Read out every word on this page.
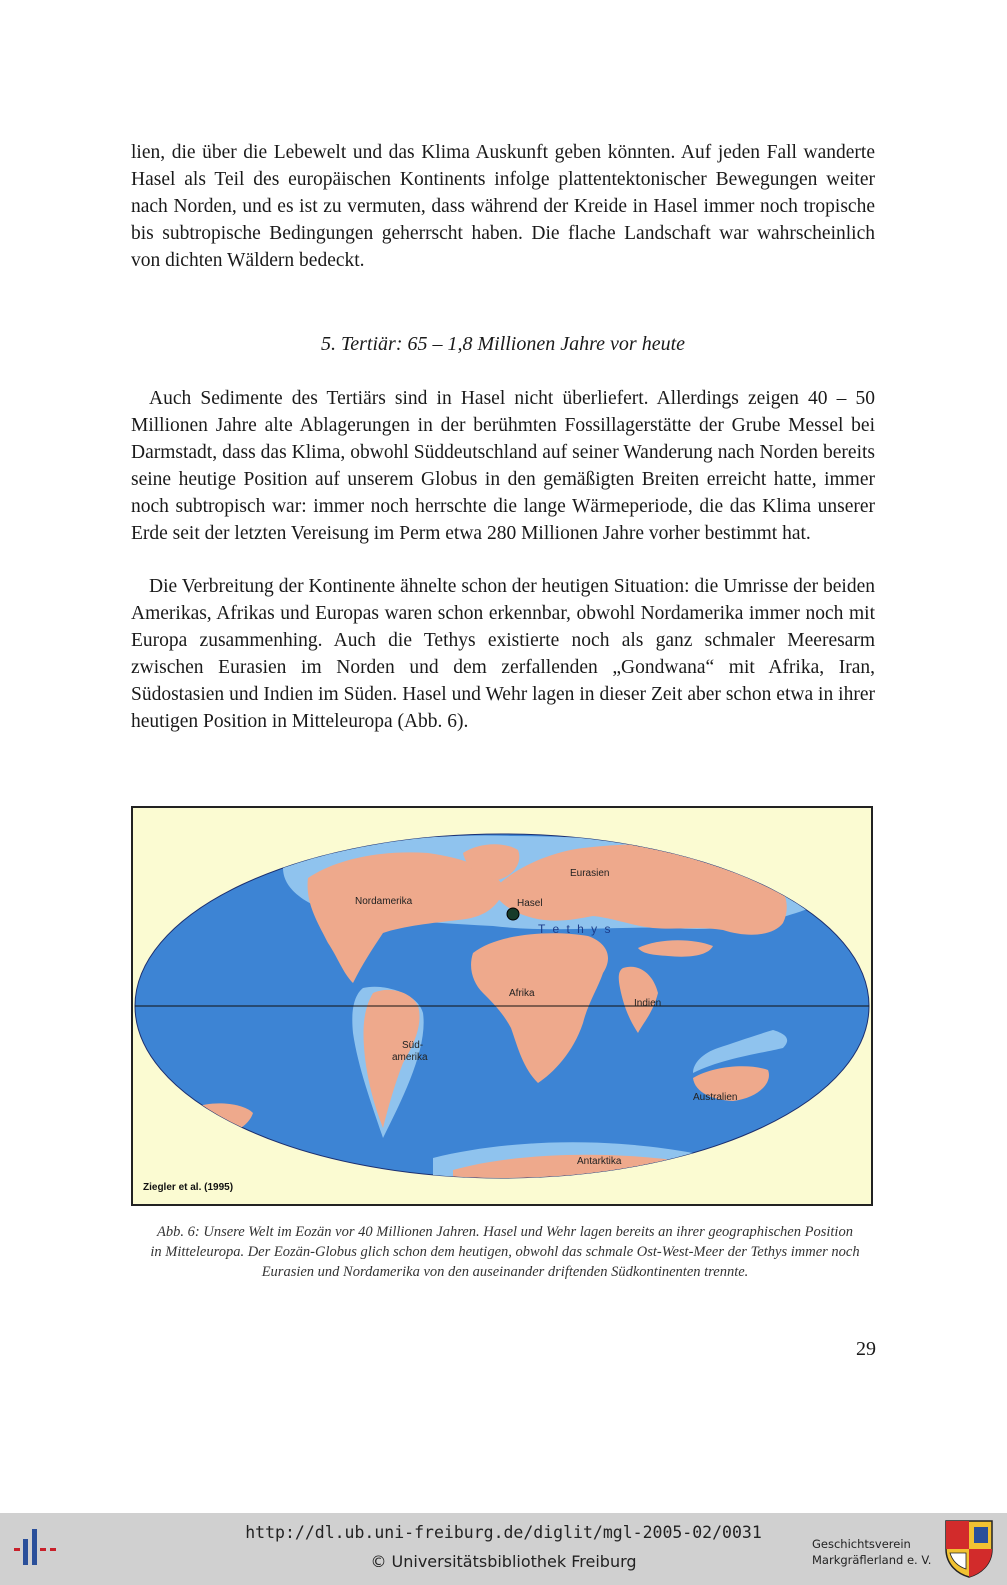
lien, die über die Lebewelt und das Klima Auskunft geben könnten. Auf jeden Fall wanderte Hasel als Teil des europäischen Kontinents infolge plattentektonischer Bewegungen weiter nach Norden, und es ist zu vermuten, dass während der Kreide in Hasel immer noch tropische bis subtropische Bedingungen geherrscht haben. Die flache Landschaft war wahrscheinlich von dichten Wäldern bedeckt.
5. Tertiär: 65 – 1,8 Millionen Jahre vor heute
Auch Sedimente des Tertiärs sind in Hasel nicht überliefert. Allerdings zeigen 40 – 50 Millionen Jahre alte Ablagerungen in der berühmten Fossillagerstätte der Grube Messel bei Darmstadt, dass das Klima, obwohl Süddeutschland auf seiner Wanderung nach Norden bereits seine heutige Position auf unserem Globus in den gemäßigten Breiten erreicht hatte, immer noch subtropisch war: immer noch herrschte die lange Wärmeperiode, die das Klima unserer Erde seit der letzten Vereisung im Perm etwa 280 Millionen Jahre vorher bestimmt hat.
Die Verbreitung der Kontinente ähnelte schon der heutigen Situation: die Umrisse der beiden Amerikas, Afrikas und Europas waren schon erkennbar, obwohl Nordamerika immer noch mit Europa zusammenhing. Auch die Tethys existierte noch als ganz schmaler Meeresarm zwischen Eurasien im Norden und dem zerfallenden „Gondwana“ mit Afrika, Iran, Südostasien und Indien im Süden. Hasel und Wehr lagen in dieser Zeit aber schon etwa in ihrer heutigen Position in Mitteleuropa (Abb. 6).
Eurasien
Nordamerika	Hasel
T e t h y s
Afrika
Indien
Süd-
amerika
Australien
Antarktika
Ziegler et al. (1995)
Abb. 6: Unsere Welt im Eozän vor 40 Millionen Jahren. Hasel und Wehr lagen bereits an ihrer geographischen Position in Mitteleuropa. Der Eozän-Globus glich schon dem heutigen, obwohl das schmale Ost-West-Meer der Tethys immer noch Eurasien und Nordamerika von den auseinander driftenden Südkontinenten trennte.
29
http://dl.ub.uni-freiburg.de/diglit/mgl-2005-02/0031
© Universitätsbibliothek Freiburg
Geschichtsverein
Markgräflerland e. V.
